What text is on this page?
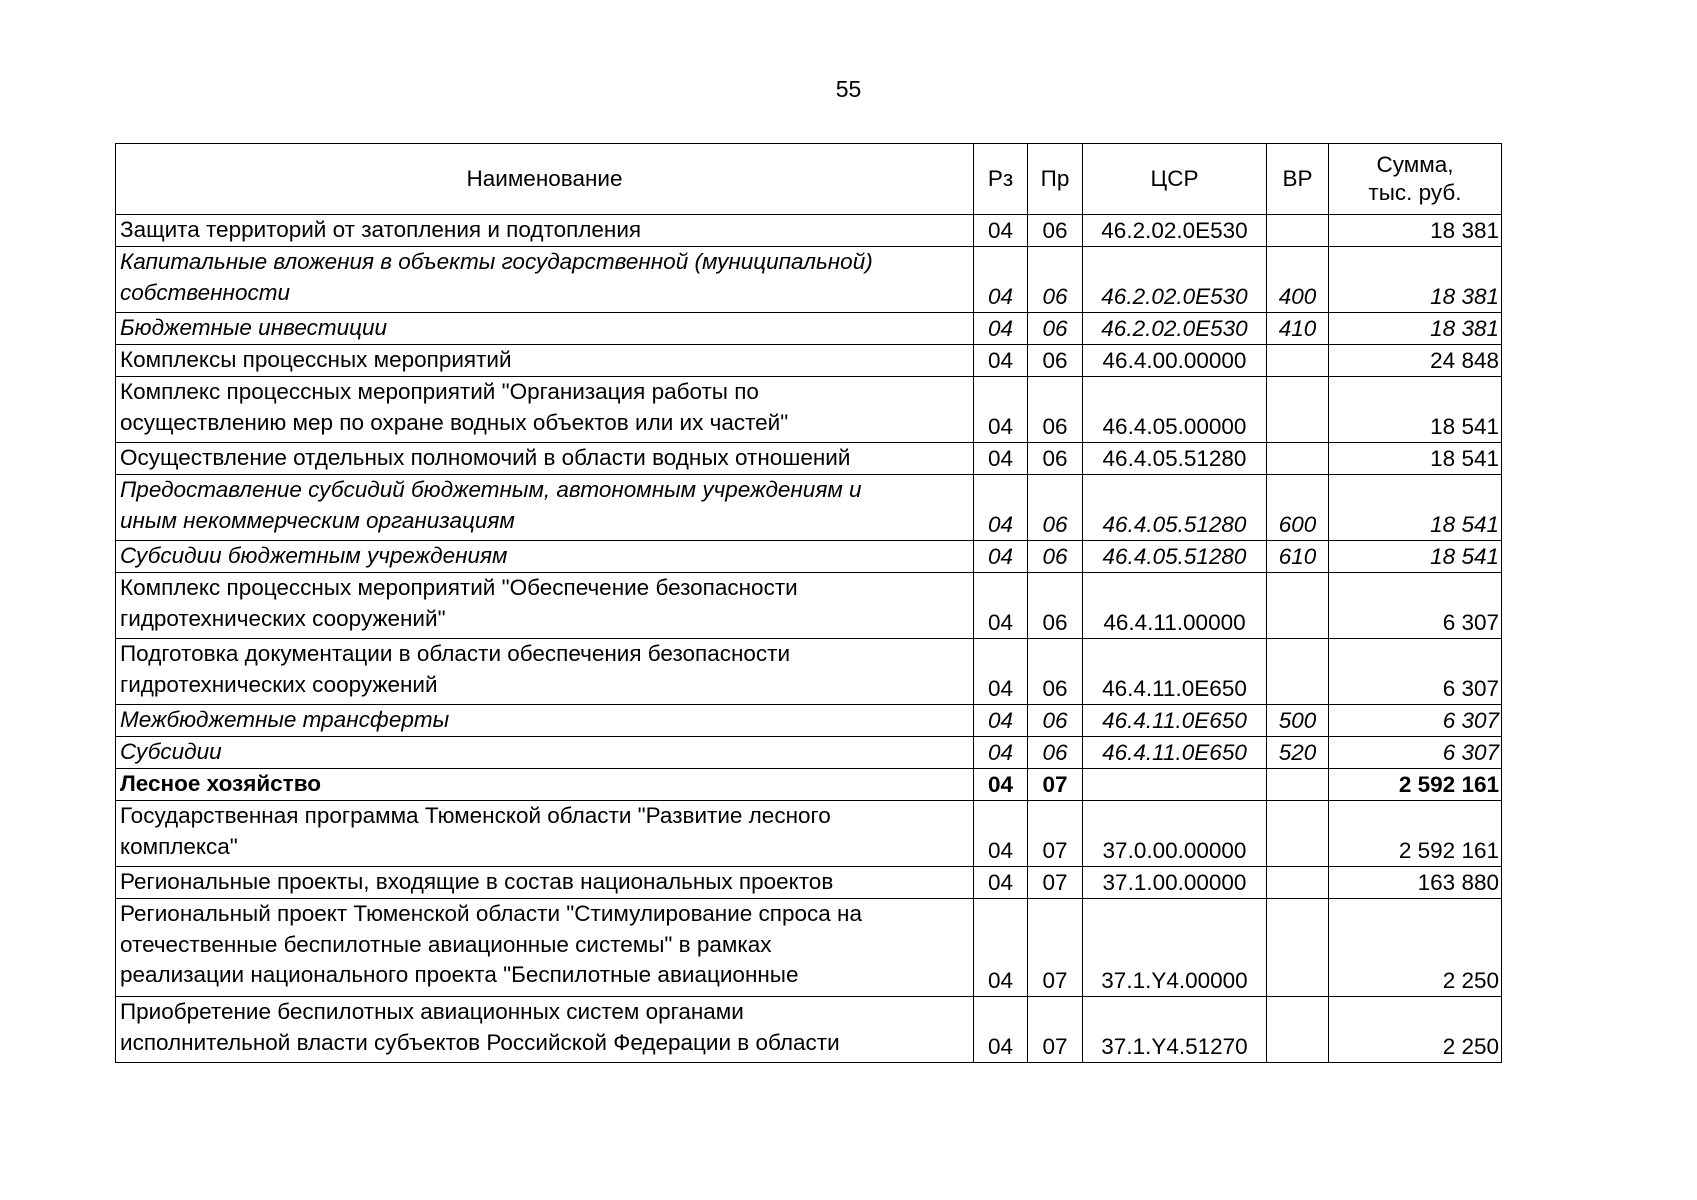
55
Наименование	Рз	Пр	ЦСР	ВР	Сумма,
тыс. руб.

Защита территорий от затопления и подтопления	04	06	46.2.02.0E530		18 381

Капитальные вложения в объекты государственной (муниципальной)
собственности	04	06	46.2.02.0E530	400	18 381

Бюджетные инвестиции	04	06	46.2.02.0E530	410	18 381

Комплексы процессных мероприятий	04	06	46.4.00.00000		24 848

Комплекс процессных мероприятий "Организация работы по
осуществлению мер по охране водных объектов или их частей"	04	06	46.4.05.00000		18 541

Осуществление отдельных полномочий в области водных отношений	04	06	46.4.05.51280		18 541

Предоставление субсидий бюджетным, автономным учреждениям и
иным некоммерческим организациям	04	06	46.4.05.51280	600	18 541

Субсидии бюджетным учреждениям	04	06	46.4.05.51280	610	18 541

Комплекс процессных мероприятий "Обеспечение безопасности
гидротехнических сооружений"	04	06	46.4.11.00000		6 307

Подготовка документации в области обеспечения безопасности
гидротехнических сооружений	04	06	46.4.11.0E650		6 307

Межбюджетные трансферты	04	06	46.4.11.0E650	500	6 307

Субсидии	04	06	46.4.11.0E650	520	6 307

Лесное хозяйство	04	07			2 592 161

Государственная программа Тюменской области "Развитие лесного
комплекса"	04	07	37.0.00.00000		2 592 161

Региональные проекты, входящие в состав национальных проектов	04	07	37.1.00.00000		163 880

Региональный проект Тюменской области "Стимулирование спроса на
отечественные беспилотные авиационные системы" в рамках
реализации национального проекта "Беспилотные авиационные	04	07	37.1.Y4.00000		2 250

Приобретение беспилотных авиационных систем органами
исполнительной власти субъектов Российской Федерации в области	04	07	37.1.Y4.51270		2 250
